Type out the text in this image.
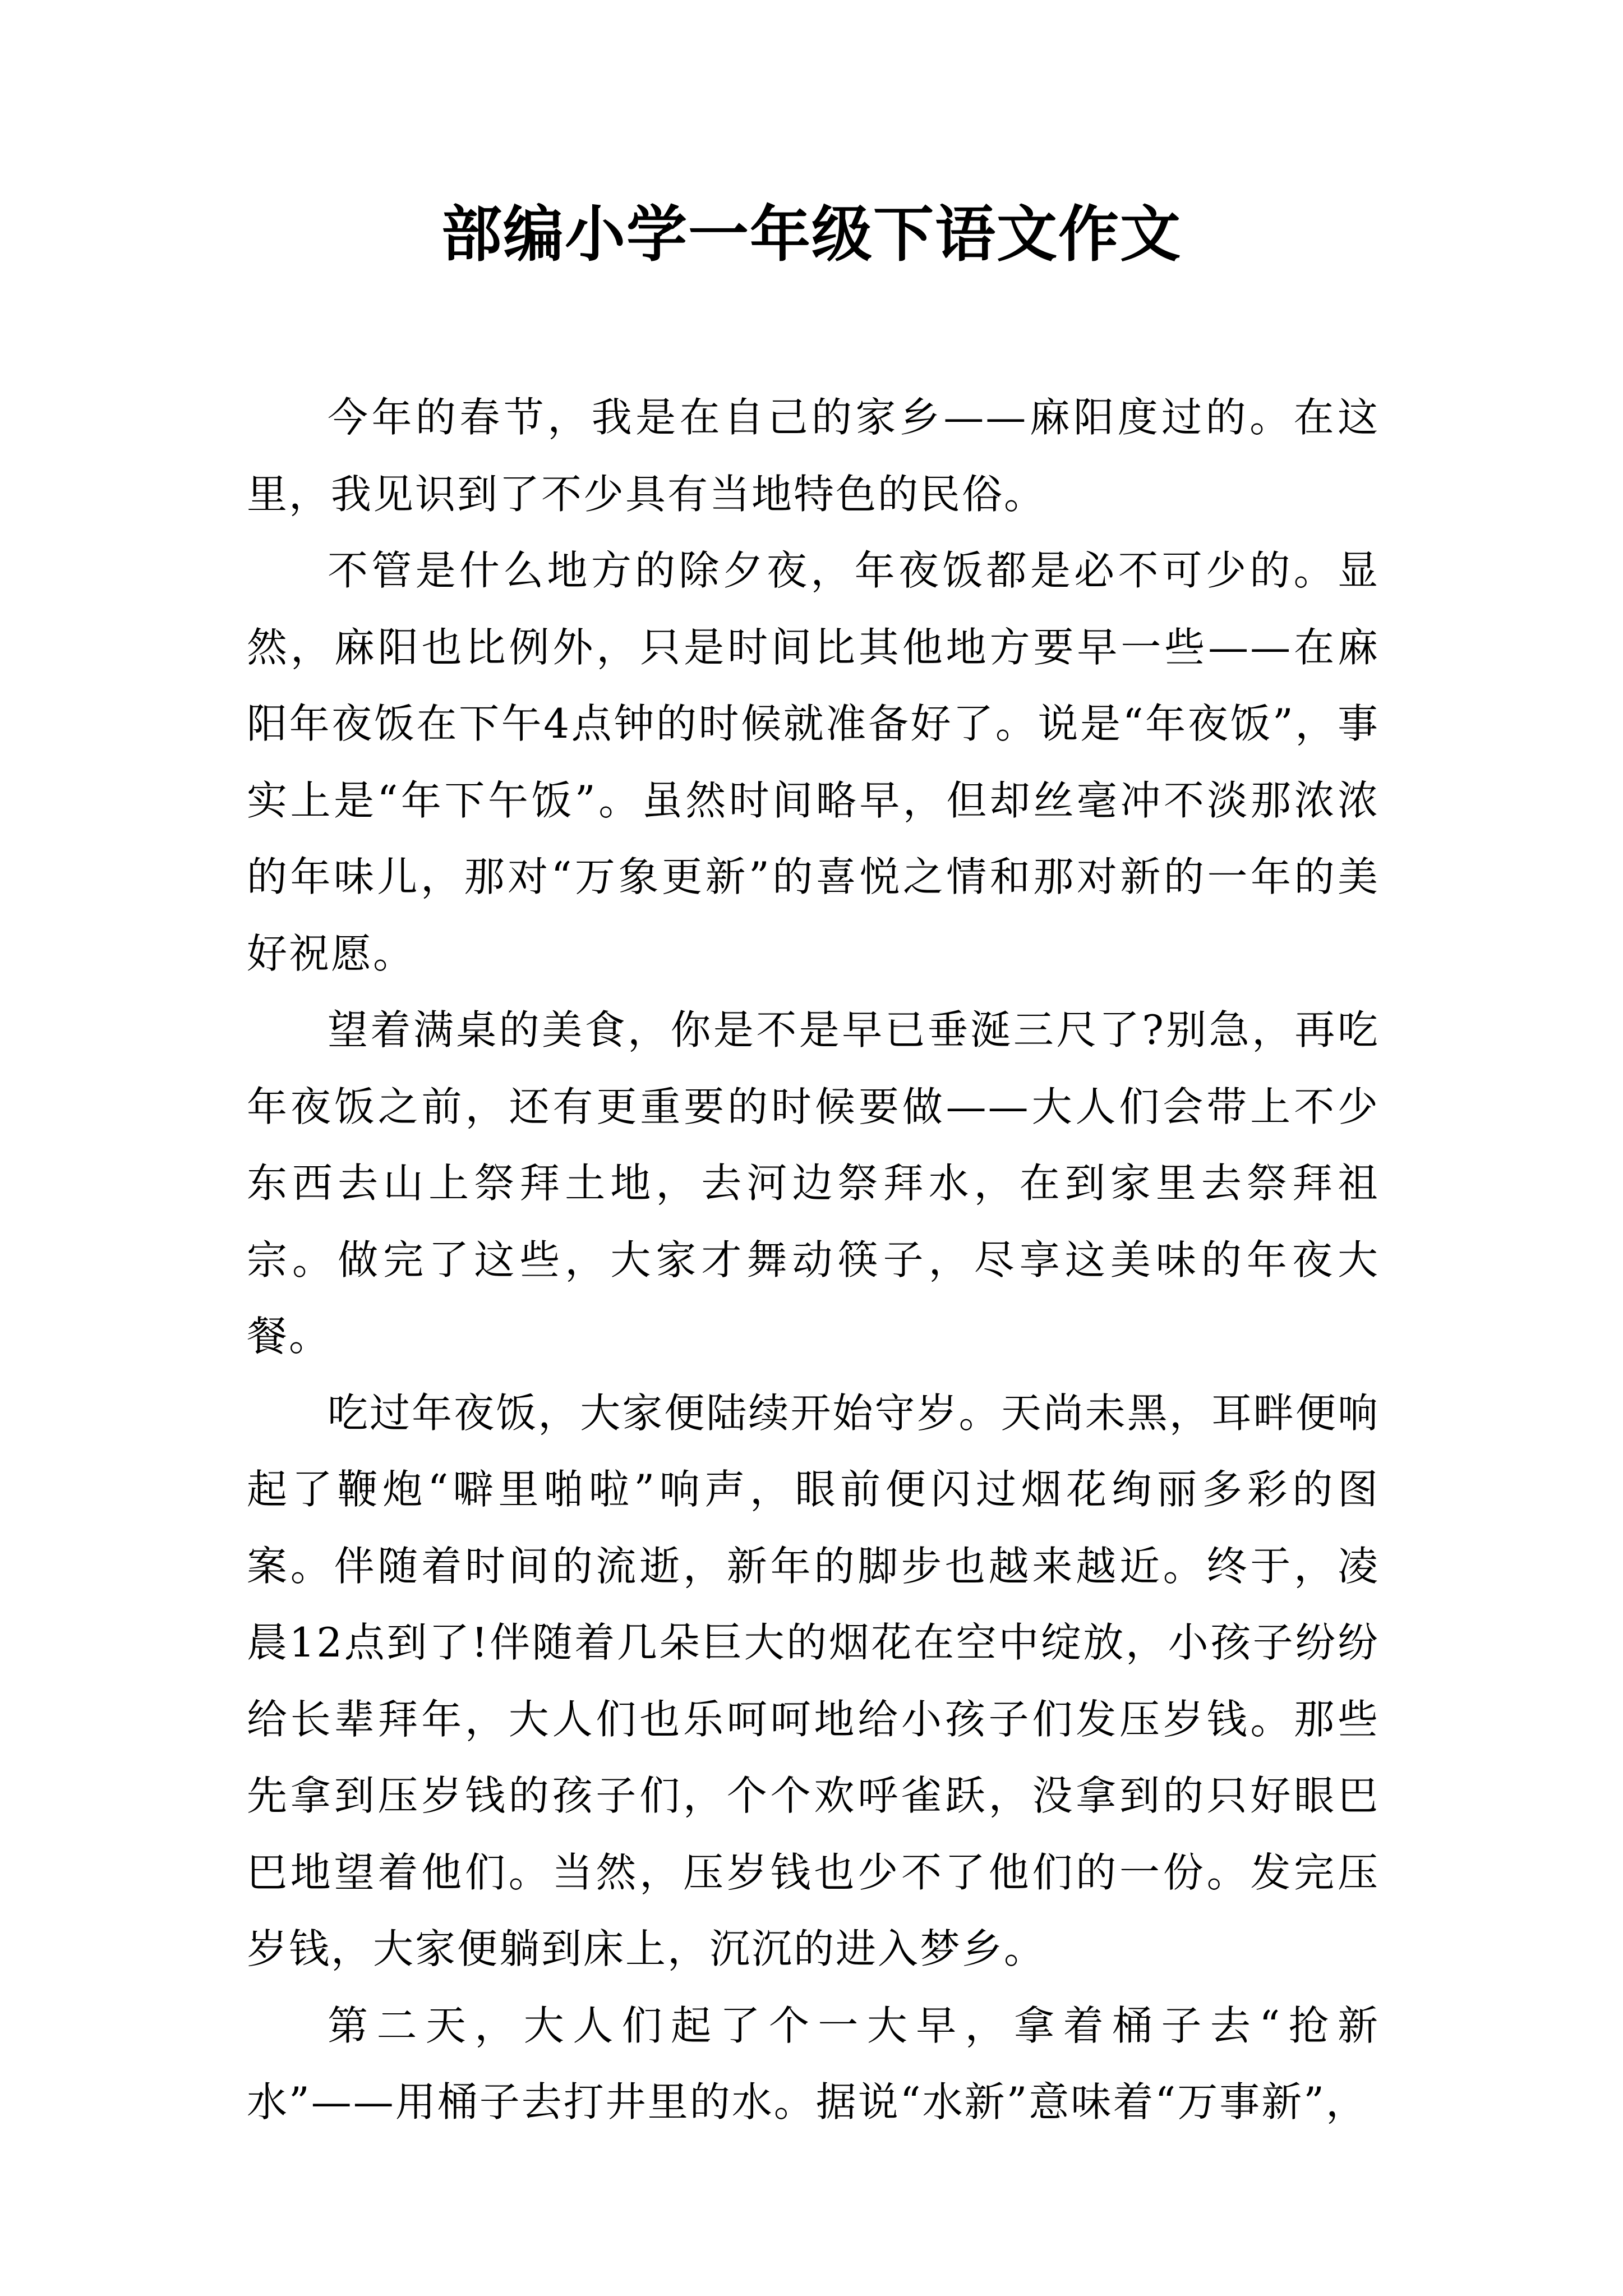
部编小学一年级下语文作文

今年的春节，我是在自己的家乡——麻阳度过的。在这里，我见识到了不少具有当地特色的民俗。

不管是什么地方的除夕夜，年夜饭都是必不可少的。显然，麻阳也比例外，只是时间比其他地方要早一些——在麻阳年夜饭在下午4点钟的时候就准备好了。说是“年夜饭”，事实上是“年下午饭”。虽然时间略早，但却丝毫冲不淡那浓浓的年味儿，那对“万象更新”的喜悦之情和那对新的一年的美好祝愿。

望着满桌的美食，你是不是早已垂涎三尺了?别急，再吃年夜饭之前，还有更重要的时候要做——大人们会带上不少东西去山上祭拜土地，去河边祭拜水，在到家里去祭拜祖宗。做完了这些，大家才舞动筷子，尽享这美味的年夜大餐。

吃过年夜饭，大家便陆续开始守岁。天尚未黑，耳畔便响起了鞭炮“噼里啪啦”响声，眼前便闪过烟花绚丽多彩的图案。伴随着时间的流逝，新年的脚步也越来越近。终于，凌晨12点到了!伴随着几朵巨大的烟花在空中绽放，小孩子纷纷给长辈拜年，大人们也乐呵呵地给小孩子们发压岁钱。那些先拿到压岁钱的孩子们，个个欢呼雀跃，没拿到的只好眼巴巴地望着他们。当然，压岁钱也少不了他们的一份。发完压岁钱，大家便躺到床上，沉沉的进入梦乡。

第二天，大人们起了个一大早，拿着桶子去“抢新水”——用桶子去打井里的水。据说“水新”意味着“万事新”，
